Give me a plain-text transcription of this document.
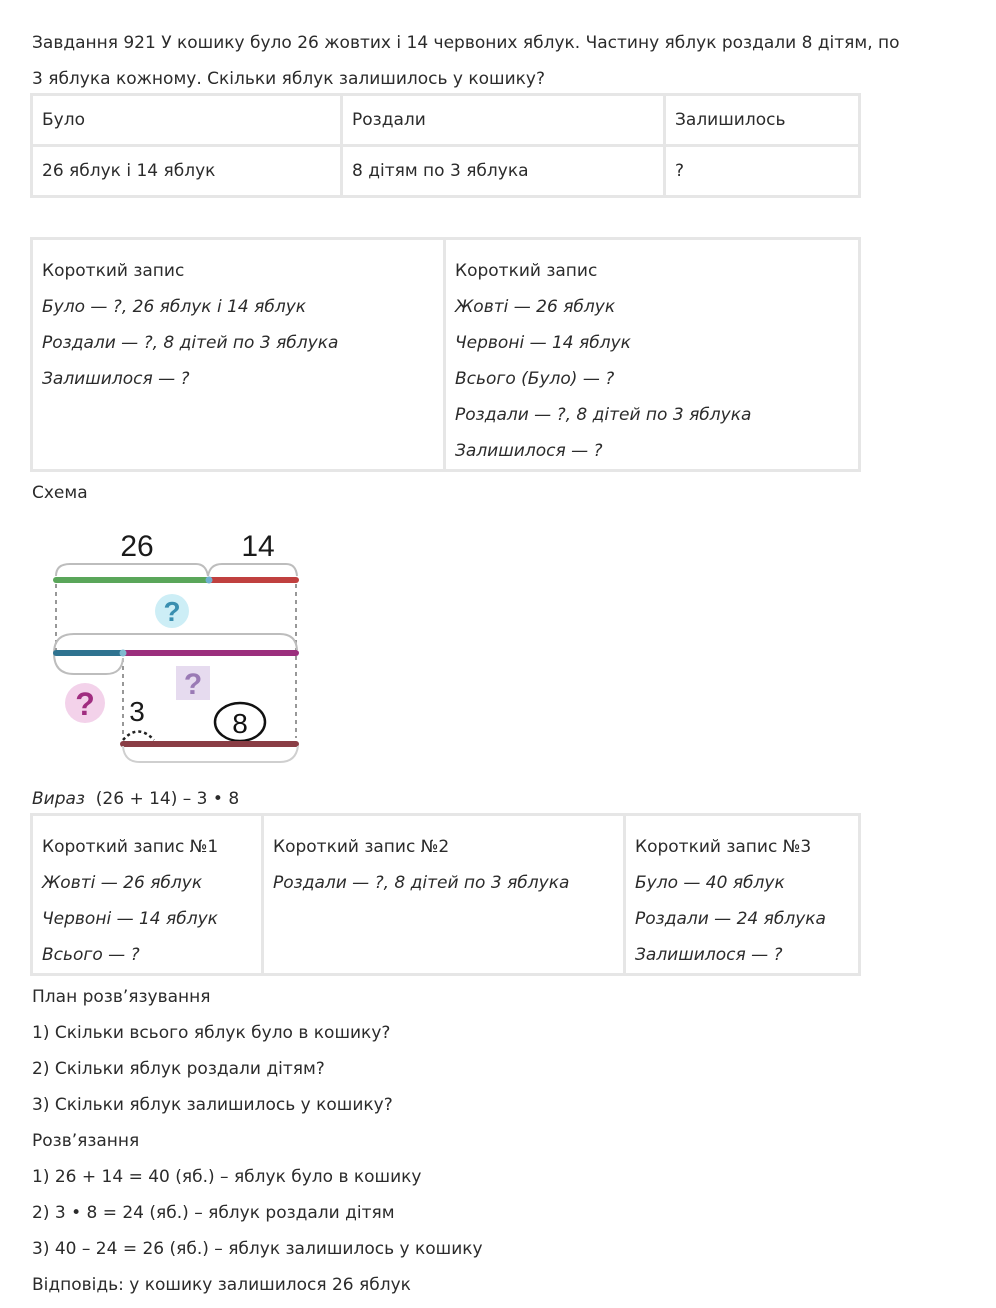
Завдання 921 У кошику було 26 жовтих і 14 червоних яблук. Частину яблук роздали 8 дітям, по
3 яблука кожному. Скільки яблук залишилось у кошику?
Було	Роздали	Залишилось
26 яблук і 14 яблук	8 дітям по 3 яблука	?
Короткий запис
Було — ?, 26 яблук і 14 яблук
Роздали — ?, 8 дітей по 3 яблука
Залишилося — ?

Короткий запис
Жовті — 26 яблук
Червоні — 14 яблук
Всього (Було) — ?
Роздали — ?, 8 дітей по 3 яблука
Залишилося — ?
Схема
26	14
?
?
? 3	8
Вираз (26 + 14) – 3 • 8
Короткий запис №1
Жовті — 26 яблук
Червоні — 14 яблук
Всього — ?

Короткий запис №2
Роздали — ?, 8 дітей по 3 яблука

Короткий запис №3
Було — 40 яблук
Роздали — 24 яблука
Залишилося — ?
План розв’язування
1) Скільки всього яблук було в кошику?
2) Скільки яблук роздали дітям?
3) Скільки яблук залишилось у кошику?
Розв’язання
1) 26 + 14 = 40 (яб.) – яблук було в кошику
2) 3 • 8 = 24 (яб.) – яблук роздали дітям
3) 40 – 24 = 26 (яб.) – яблук залишилось у кошику
Відповідь: у кошику залишилося 26 яблук
